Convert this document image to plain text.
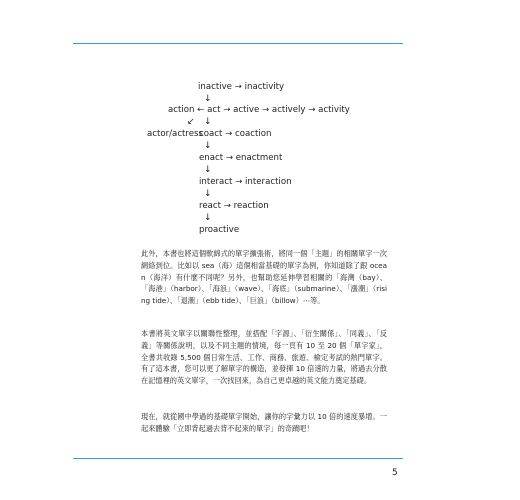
inactive → inactivity
↓
action ← act → active → actively → activity
↙ ↓
actor/actress
coact → coaction
↓
enact → enactment
↓
interact → interaction
↓
react → reaction
↓
proactive
此外，本書也將這個軟綿式的單字擴張術，將同一個「主題」的相關單字一次網絡到位。比如以 sea（海）這個相當基礎的單字為例，你知道除了跟 ocean（海洋）有什麼不同呢？另外，也幫助您延伸學習相關的「海灣（bay）、「海港」（harbor）、「海浪」（wave）、「海底」（submarine）、「漲潮」（rising tide）、「退潮」（ebb tide）、「巨浪」（billow）⋯等。
本書將英文單字以關聯性整理，並搭配「字源」、「衍生關係」、「同義」、「反義」等關係說明，以及不同主題的情境，每一頁有 10 至 20 個「單字家」，全書共收錄 5,500 個日常生活、工作、商務、旅遊、檢定考試的熱門單字。有了這本書，您可以更了解單字的構造，並發揮 10 倍速的力量，將過去分散在記憶裡的英文單字，一次找回來，為自己更卓越的英文能力奠定基礎。
現在，就從國中學過的基礎單字開始，讓你的字彙力以 10 倍的速度暴增。一起來體驗「立即背起過去背不起來的單字」的奇蹟吧！
5
